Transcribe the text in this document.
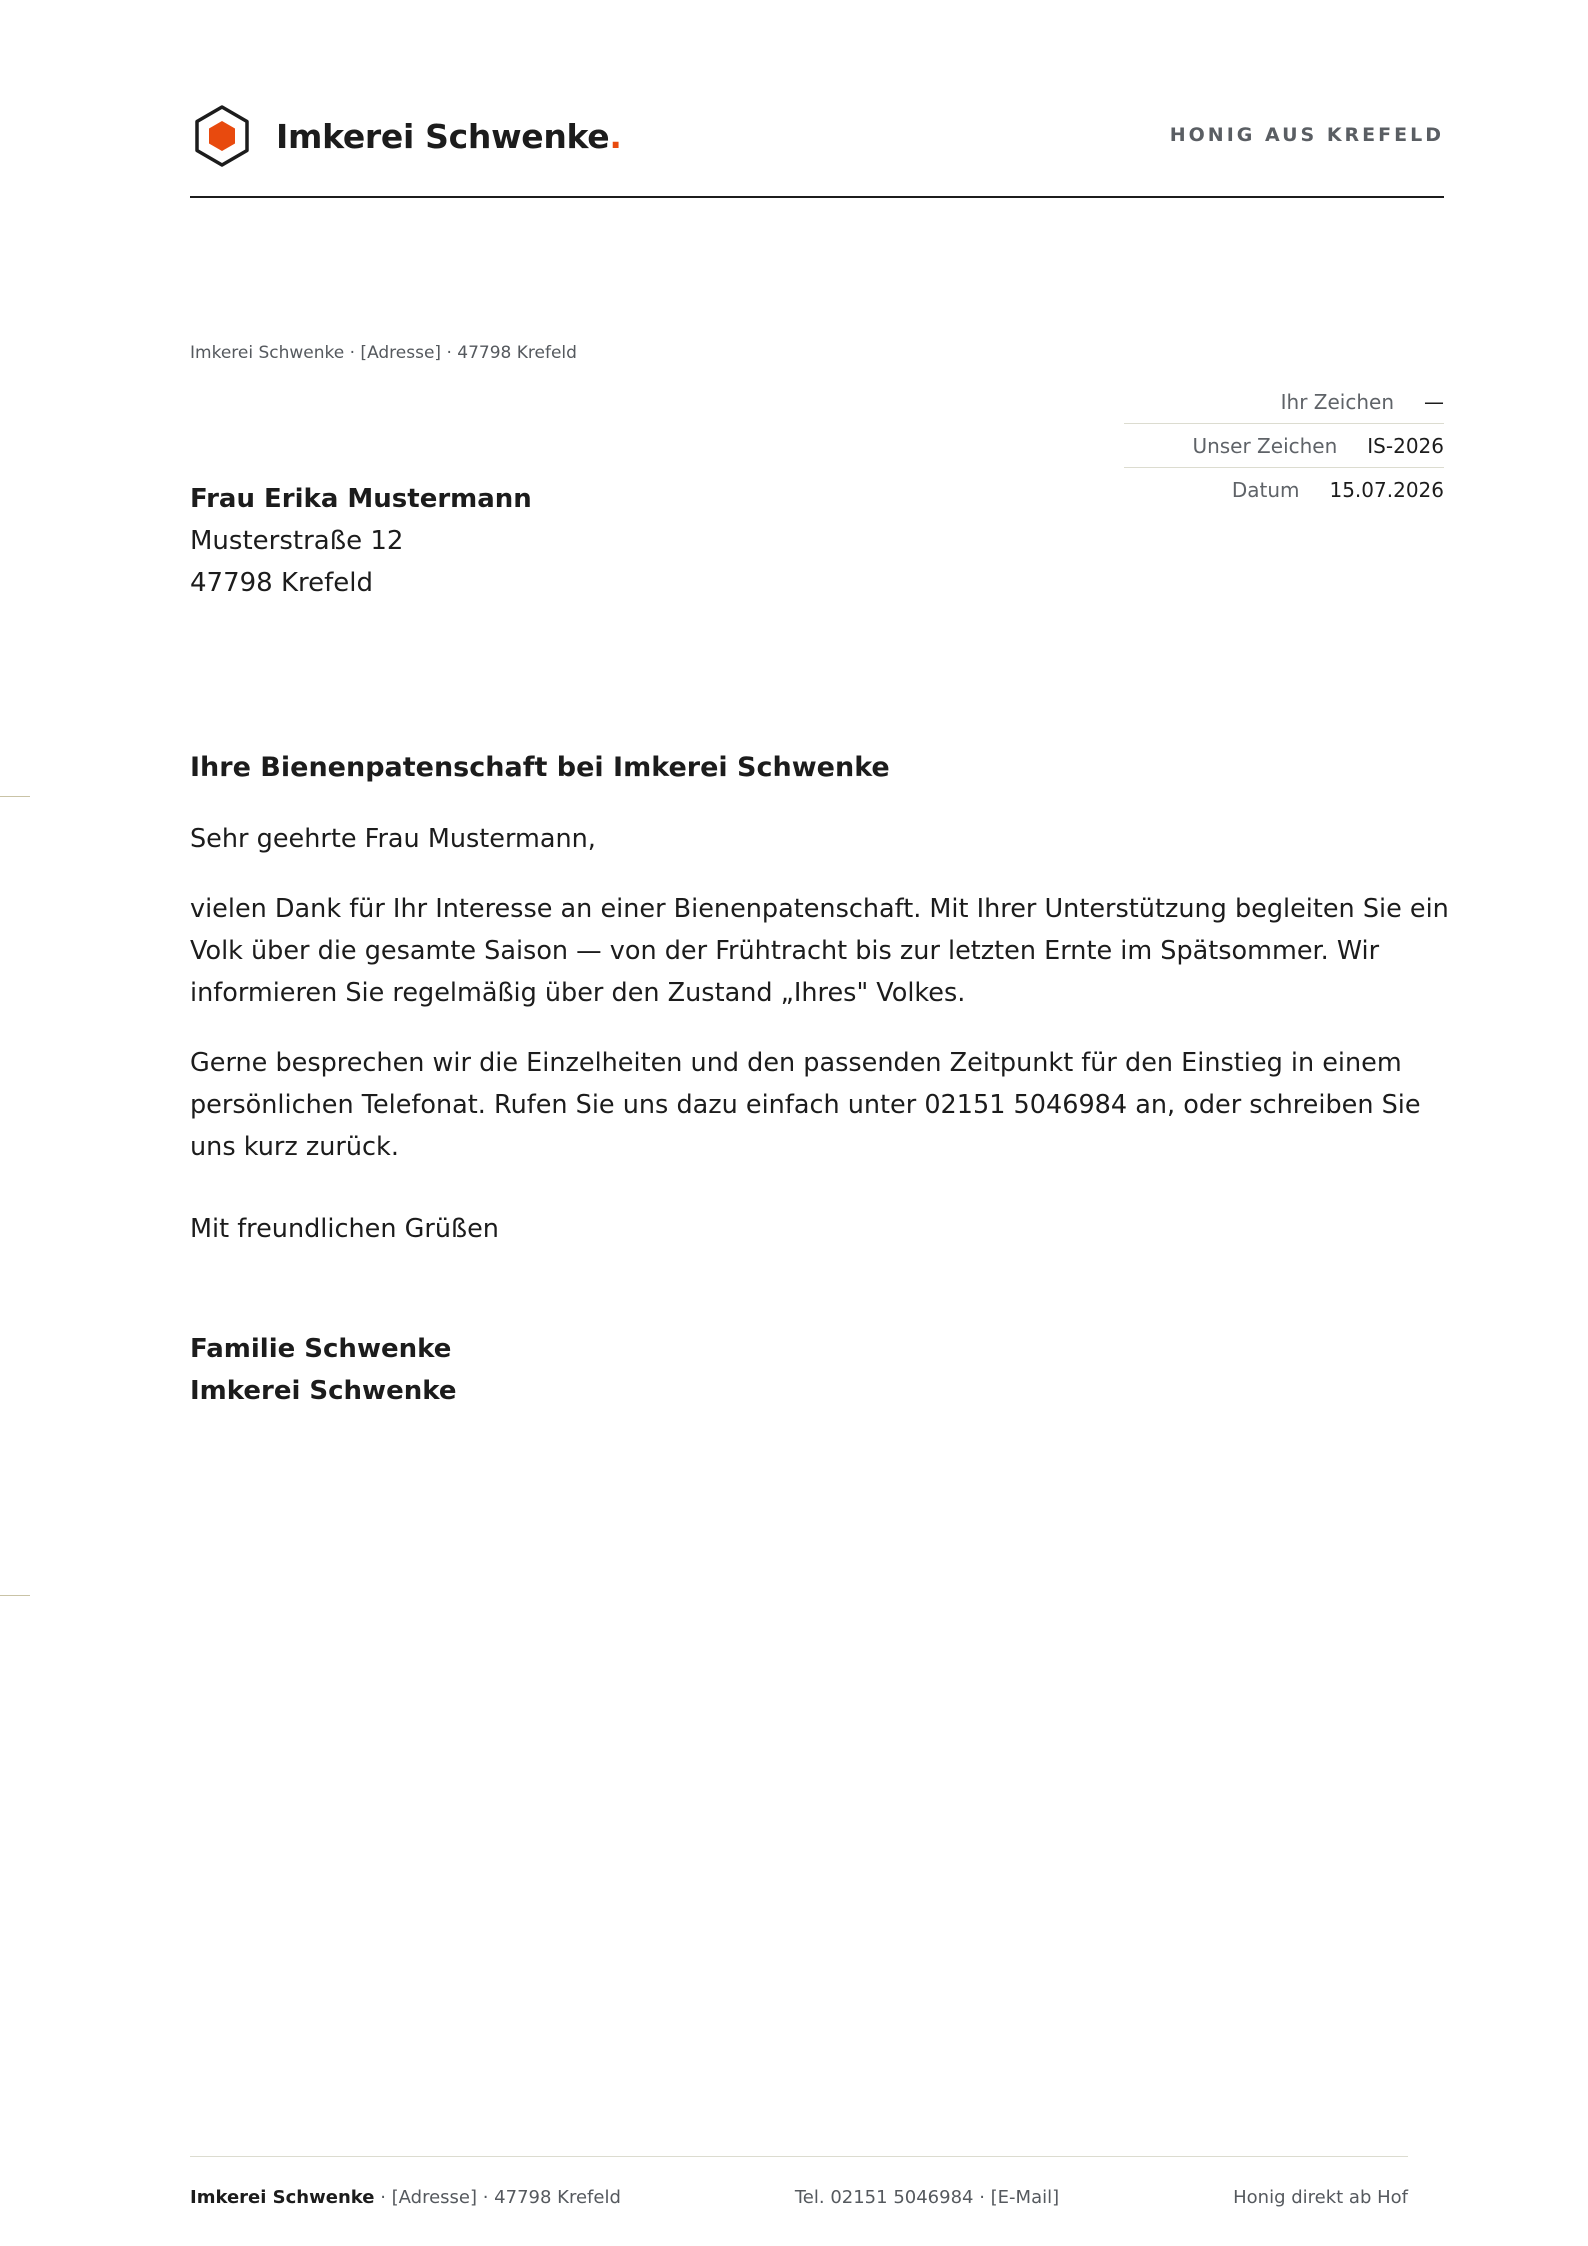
Imkerei Schwenke.	HONIG AUS KREFELD
Imkerei Schwenke · [Adresse] · 47798 Krefeld
Ihr Zeichen —
Unser Zeichen IS-2026
Datum 15.07.2026
Frau Erika Mustermann
Musterstraße 12
47798 Krefeld
Ihre Bienenpatenschaft bei Imkerei Schwenke

Sehr geehrte Frau Mustermann,

vielen Dank für Ihr Interesse an einer Bienenpatenschaft. Mit Ihrer Unterstützung begleiten Sie ein Volk über die gesamte Saison — von der Frühtracht bis zur letzten Ernte im Spätsommer. Wir informieren Sie regelmäßig über den Zustand „Ihres" Volkes.

Gerne besprechen wir die Einzelheiten und den passenden Zeitpunkt für den Einstieg in einem persönlichen Telefonat. Rufen Sie uns dazu einfach unter 02151 5046984 an, oder schreiben Sie uns kurz zurück.

Mit freundlichen Grüßen

Familie Schwenke
Imkerei Schwenke
Imkerei Schwenke · [Adresse] · 47798 Krefeld	Tel. 02151 5046984 · [E-Mail]	Honig direkt ab Hof
